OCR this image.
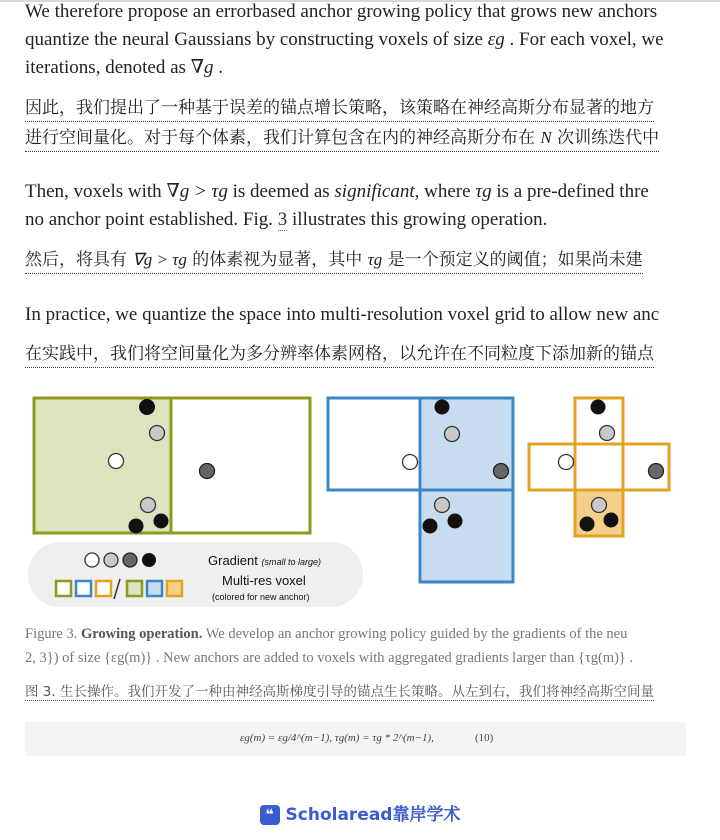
We therefore propose an errorbased anchor growing policy that grows new anchors
quantize the neural Gaussians by constructing voxels of size εg . For each voxel, we
iterations, denoted as ∇g .
因此，我们提出了一种基于误差的锚点增长策略，该策略在神经高斯分布显著的地方
进行空间量化。对于每个体素，我们计算包含在内的神经高斯分布在 N 次训练迭代中
Then, voxels with ∇g > τg is deemed as significant, where τg is a pre-defined thre
no anchor point established. Fig. 3 illustrates this growing operation.
然后，将具有 ∇g > τg 的体素视为显著，其中 τg 是一个预定义的阈值；如果尚未建
In practice, we quantize the space into multi-resolution voxel grid to allow new anc
在实践中，我们将空间量化为多分辨率体素网格，以允许在不同粒度下添加新的锚点
Gradient (small to large)
Multi-res voxel
(colored for new anchor)
Figure 3. Growing operation. We develop an anchor growing policy guided by the gradients of the neu
2, 3}) of size {εg(m)} . New anchors are added to voxels with aggregated gradients larger than {τg(m)} .
图 3. 生长操作。我们开发了一种由神经高斯梯度引导的锚点生长策略。从左到右，我们将神经高斯空间量
εg(m) = εg/4^(m−1), τg(m) = τg * 2^(m−1),	(10)
❝ Scholaread靠岸学术
